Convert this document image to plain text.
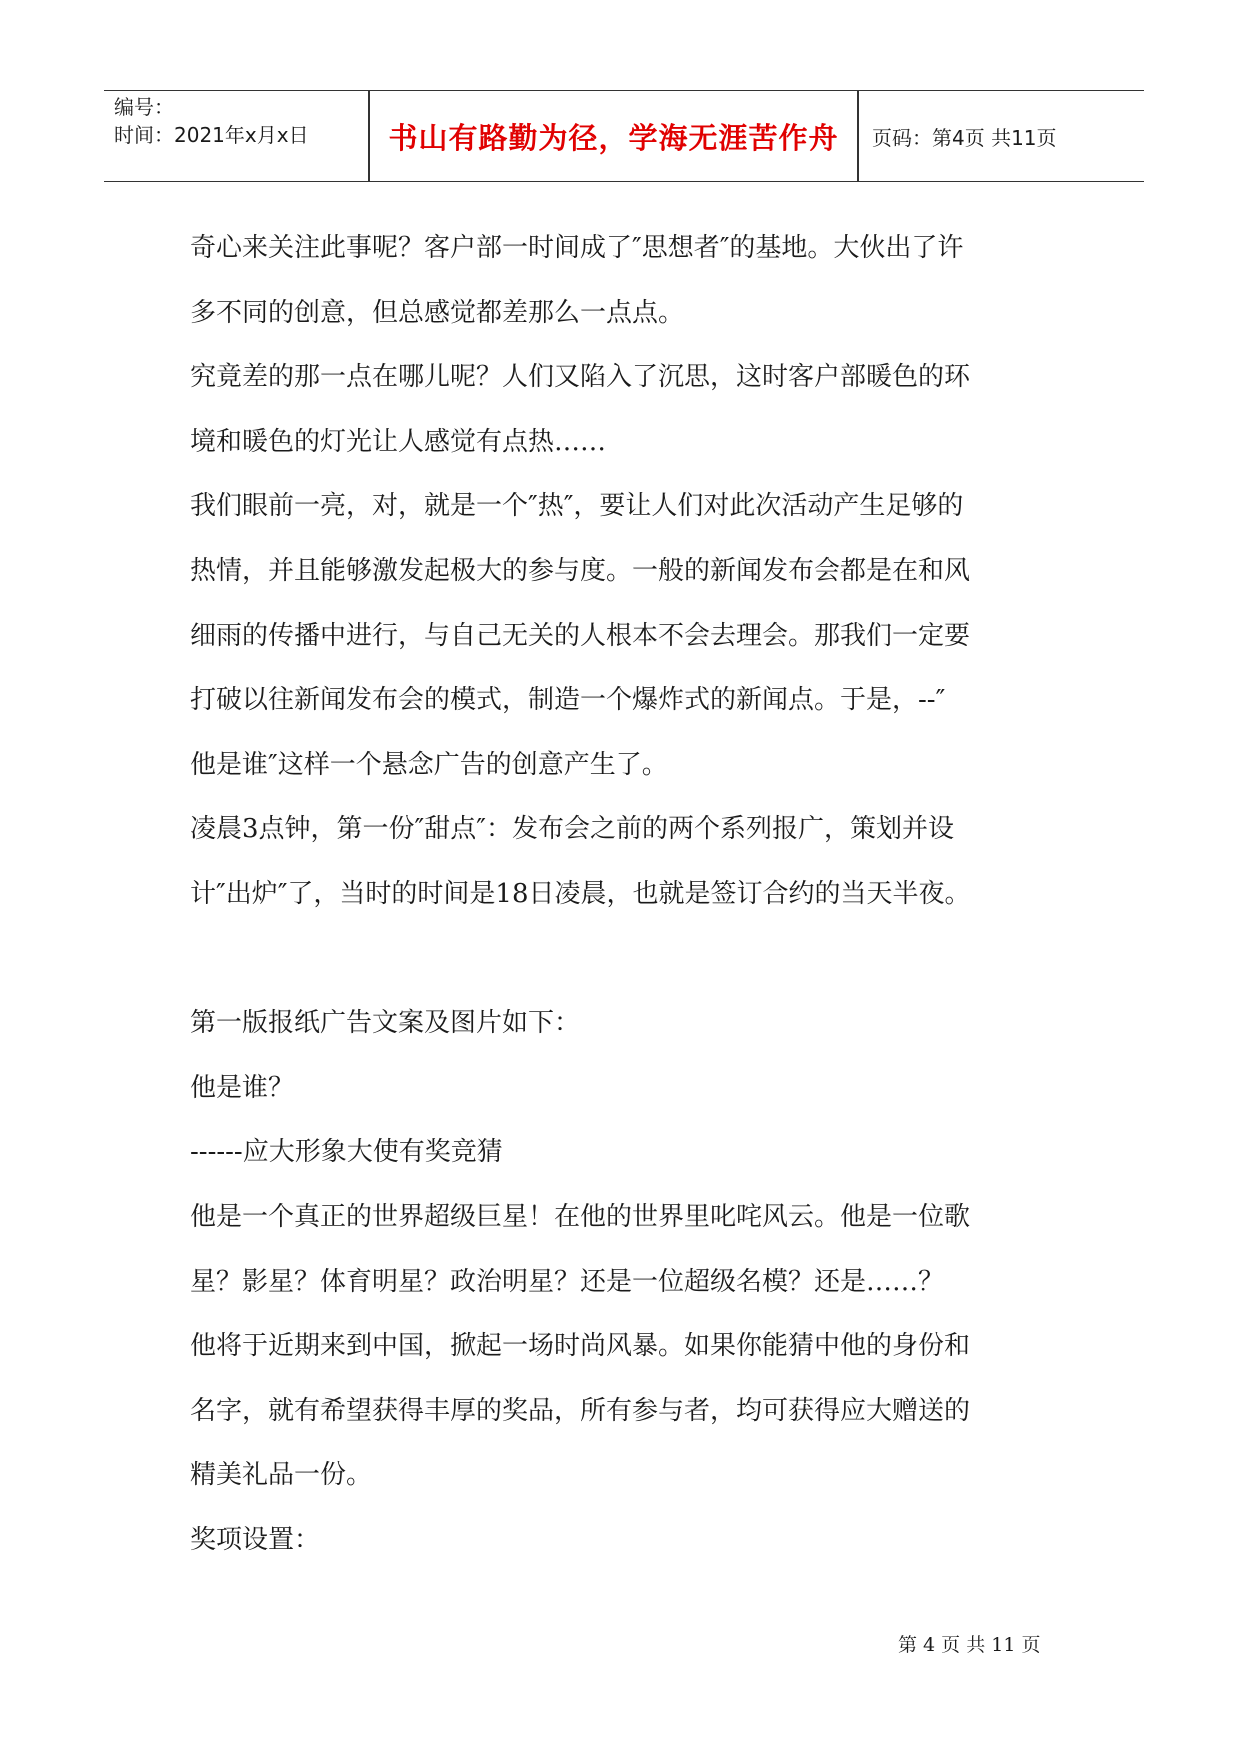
编号：
时间：2021年x月x日	书山有路勤为径，学海无涯苦作舟	页码：第4页 共11页
奇心来关注此事呢？客户部一时间成了″思想者″的基地。大伙出了许
多不同的创意，但总感觉都差那么一点点。
究竟差的那一点在哪儿呢？人们又陷入了沉思，这时客户部暖色的环
境和暖色的灯光让人感觉有点热……
我们眼前一亮，对，就是一个″热″，要让人们对此次活动产生足够的
热情，并且能够激发起极大的参与度。一般的新闻发布会都是在和风
细雨的传播中进行，与自己无关的人根本不会去理会。那我们一定要
打破以往新闻发布会的模式，制造一个爆炸式的新闻点。于是，--″
他是谁″这样一个悬念广告的创意产生了。
凌晨3点钟，第一份″甜点″：发布会之前的两个系列报广，策划并设
计″出炉″了，当时的时间是18日凌晨，也就是签订合约的当天半夜。
第一版报纸广告文案及图片如下：
他是谁？
------应大形象大使有奖竞猜
他是一个真正的世界超级巨星！在他的世界里叱咤风云。他是一位歌
星？影星？体育明星？政治明星？还是一位超级名模？还是……？
他将于近期来到中国，掀起一场时尚风暴。如果你能猜中他的身份和
名字，就有希望获得丰厚的奖品，所有参与者，均可获得应大赠送的
精美礼品一份。
奖项设置：
第 4 页 共 11 页
